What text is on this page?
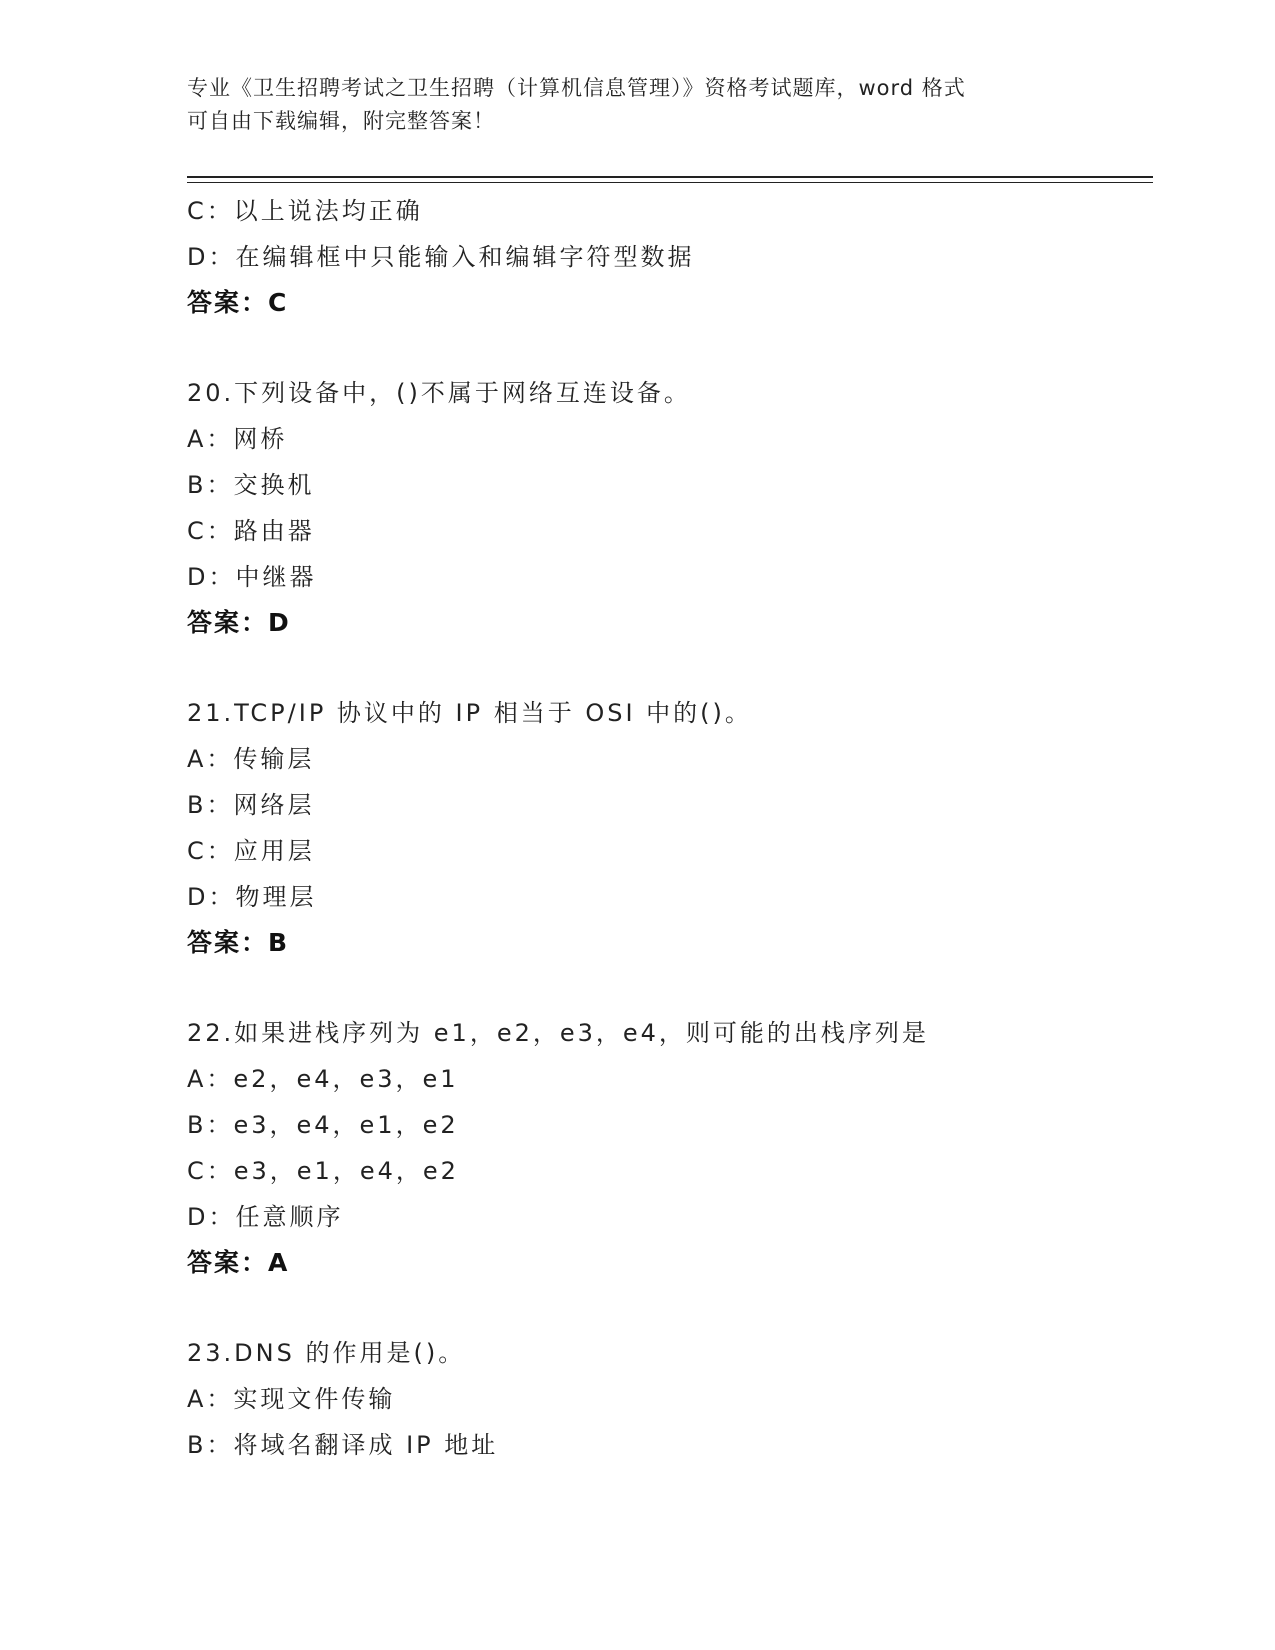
专业《卫生招聘考试之卫生招聘（计算机信息管理）》资格考试题库，word 格式
可自由下载编辑，附完整答案！
C：以上说法均正确
D：在编辑框中只能输入和编辑字符型数据
答案：C
20.下列设备中，()不属于网络互连设备。
A：网桥
B：交换机
C：路由器
D：中继器
答案：D
21.TCP/IP 协议中的 IP 相当于 OSI 中的()。
A：传输层
B：网络层
C：应用层
D：物理层
答案：B
22.如果进栈序列为 e1，e2，e3，e4，则可能的出栈序列是
A：e2，e4，e3，e1
B：e3，e4，e1，e2
C：e3，e1，e4，e2
D：任意顺序
答案：A
23.DNS 的作用是()。
A：实现文件传输
B：将域名翻译成 IP 地址
